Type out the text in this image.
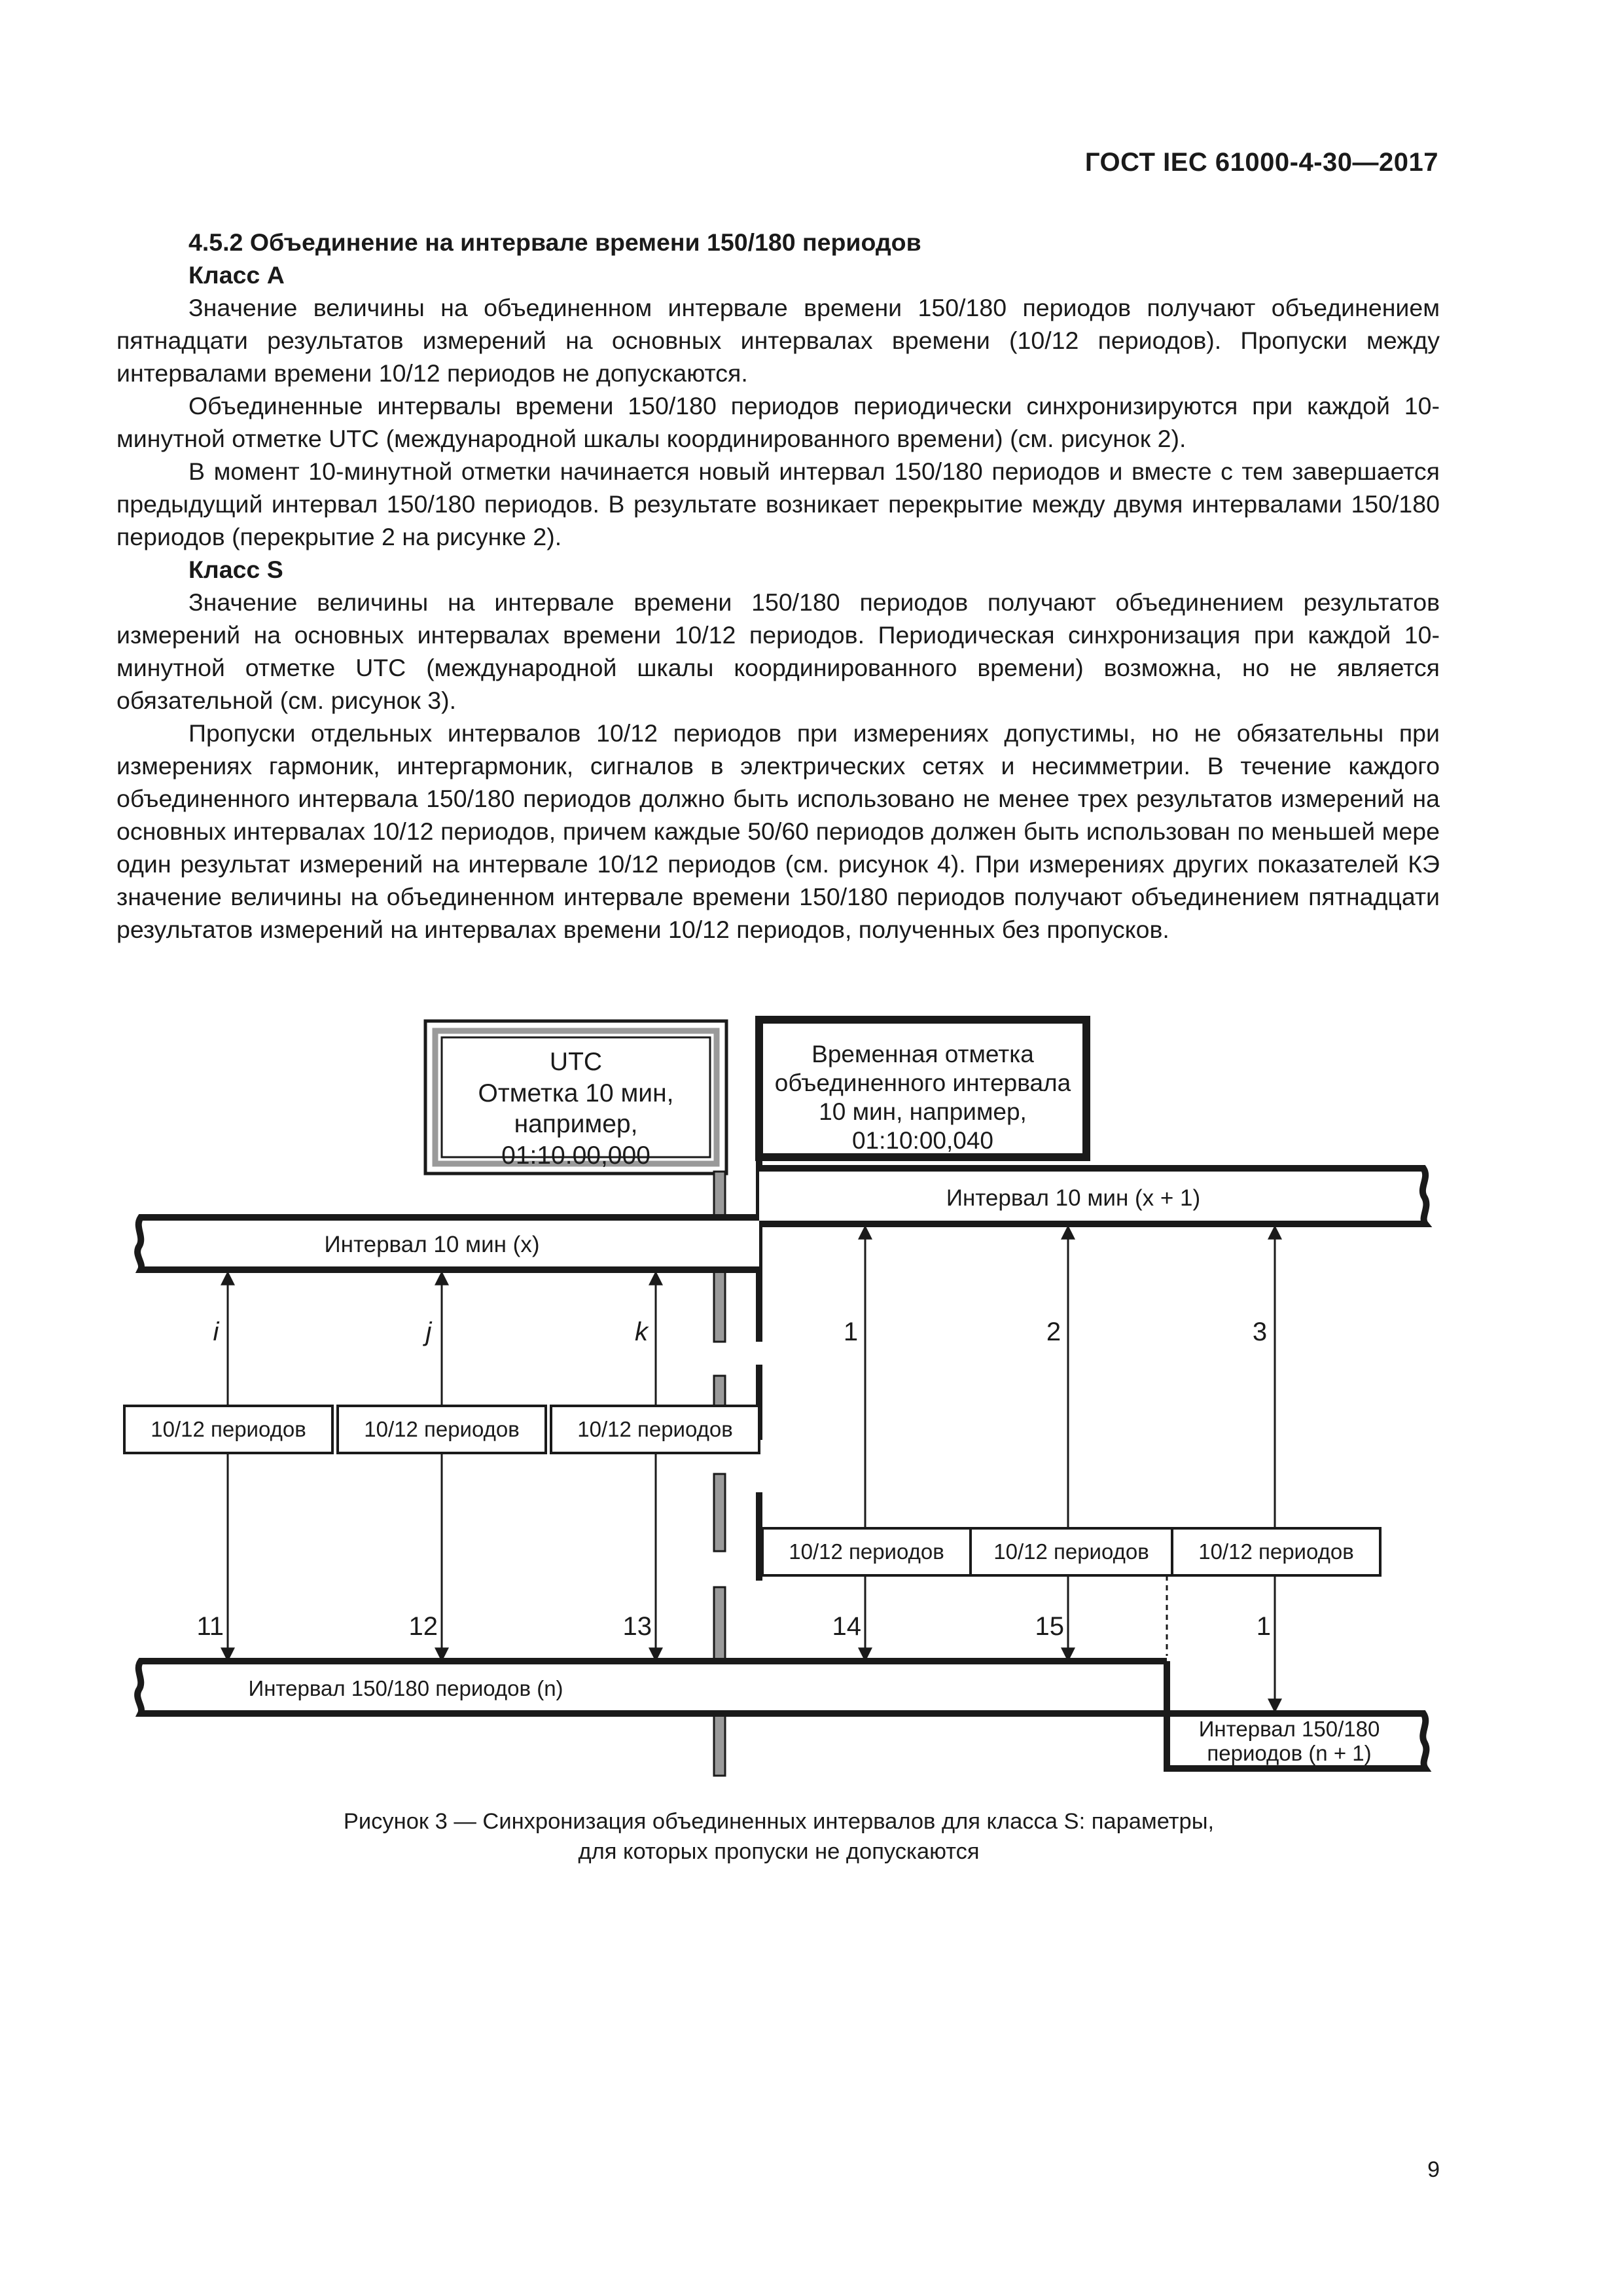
ГОСТ IEC 61000-4-30—2017
4.5.2 Объединение на интервале времени 150/180 периодов
Класс A

Значение величины на объединенном интервале времени 150/180 периодов получают объединением пятнадцати результатов измерений на основных интервалах времени (10/12 периодов). Пропуски между интервалами времени 10/12 периодов не допускаются.

Объединенные интервалы времени 150/180 периодов периодически синхронизируются при каждой 10-минутной отметке UTC (международной шкалы координированного времени) (см. рисунок 2).

В момент 10-минутной отметки начинается новый интервал 150/180 периодов и вместе с тем завершается предыдущий интервал 150/180 периодов. В результате возникает перекрытие между двумя интервалами 150/180 периодов (перекрытие 2 на рисунке 2).

Класс S

Значение величины на интервале времени 150/180 периодов получают объединением результатов измерений на основных интервалах времени 10/12 периодов. Периодическая синхронизация при каждой 10-минутной отметке UTC (международной шкалы координированного времени) возможна, но не является обязательной (см. рисунок 3).

Пропуски отдельных интервалов 10/12 периодов при измерениях допустимы, но не обязательны при измерениях гармоник, интергармоник, сигналов в электрических сетях и несимметрии. В течение каждого объединенного интервала 150/180 периодов должно быть использовано не менее трех результатов измерений на основных интервалах 10/12 периодов, причем каждые 50/60 периодов должен быть использован по меньшей мере один результат измерений на интервале 10/12 периодов (см. рисунок 4). При измерениях других показателей КЭ значение величины на объединенном интервале времени 150/180 периодов получают объединением пятнадцати результатов измерений на интервалах времени 10/12 периодов, полученных без пропусков.

UTC
Отметка 10 мин,
например,
01:10.00,000
Временная отметка
объединенного интервала
10 мин, например,
01:10:00,040
Интервал 10 мин (x + 1)
Интервал 10 мин (x)
i	j	k	1	2	3
10/12 периодов	10/12 периодов	10/12 периодов
10/12 периодов 10/12 периодов 10/12 периодов
11	12	13	14	15	1
Интервал 150/180 периодов (n)
Интервал 150/180
периодов (n + 1)
Рисунок 3 — Синхронизация объединенных интервалов для класса S: параметры,
для которых пропуски не допускаются
9
